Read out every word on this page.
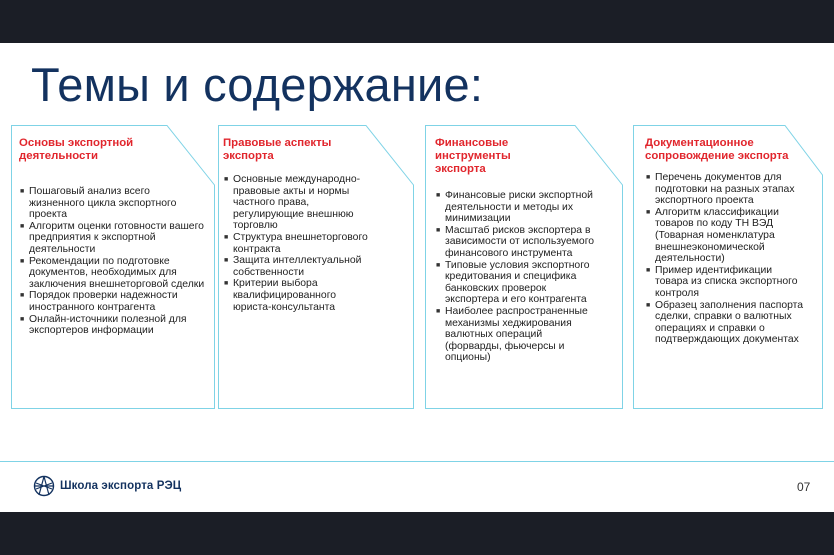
Темы и содержание:
Основы экспортной деятельности
■ Пошаговый анализ всего жизненного цикла экспортного проекта
■ Алгоритм оценки готовности вашего предприятия к экспортной деятельности
■ Рекомендации по подготовке документов, необходимых для заключения внешнеторговой сделки
■ Порядок проверки надежности иностранного контрагента
■ Онлайн-источники полезной для экспортеров информации
Правовые аспекты экспорта
■ Основные международно-правовые акты и нормы частного права, регулирующие внешнюю торговлю
■ Структура внешнеторгового контракта
■ Защита интеллектуальной собственности
■ Критерии выбора квалифицированного юриста-консультанта
Финансовые инструменты экспорта
■ Финансовые риски экспортной деятельности и методы их минимизации
■ Масштаб рисков экспортера в зависимости от используемого финансового инструмента
■ Типовые условия экспортного кредитования и специфика банковских проверок экспортера и его контрагента
■ Наиболее распространенные механизмы хеджирования валютных операций (форварды, фьючерсы и опционы)
Документационное сопровождение экспорта
■ Перечень документов для подготовки на разных этапах экспортного проекта
■ Алгоритм классификации товаров по коду ТН ВЭД (Товарная номенклатура внешнеэкономической деятельности)
■ Пример идентификации товара из списка экспортного контроля
■ Образец заполнения паспорта сделки, справки о валютных операциях и справки о подтверждающих документах
Школа экспорта РЭЦ	07
